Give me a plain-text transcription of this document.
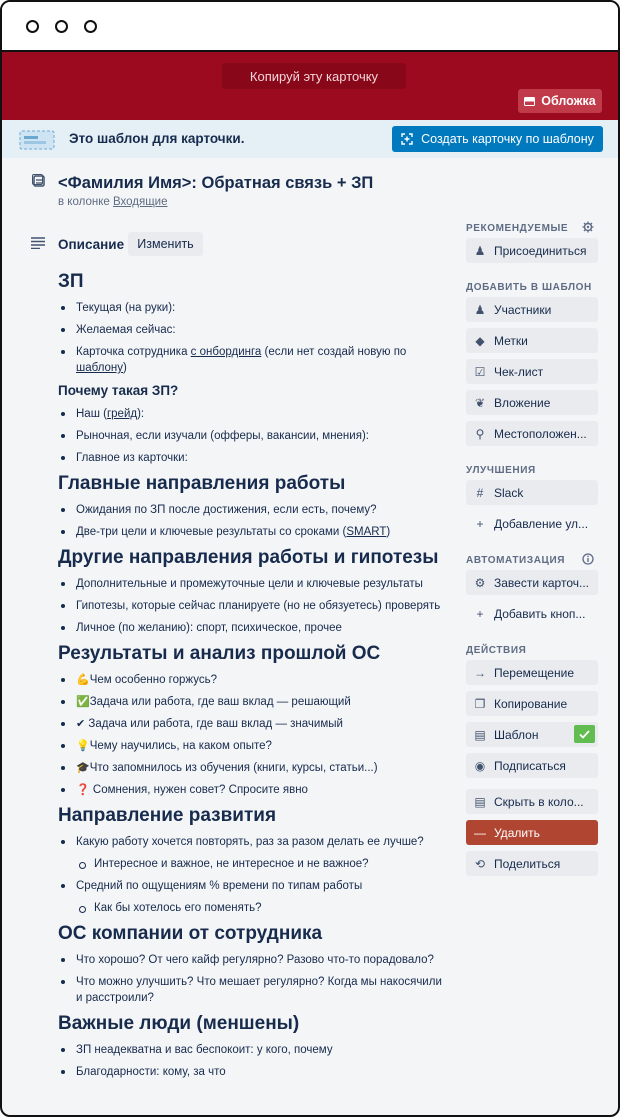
Копируй эту карточку
Обложка
Это шаблон для карточки.	Создать карточку по шаблону
<Фамилия Имя>: Обратная связь + ЗП
в колонке Входящие
Описание	Изменить
ЗП
Текущая (на руки):
Желаемая сейчас:
Карточка сотрудника с онбординга (если нет создай новую по шаблону)
Почему такая ЗП?
Наш (грейд):
Рыночная, если изучали (офферы, вакансии, мнения):
Главное из карточки:
Главные направления работы
Ожидания по ЗП после достижения, если есть, почему?
Две-три цели и ключевые результаты со сроками (SMART)
Другие направления работы и гипотезы
Дополнительные и промежуточные цели и ключевые результаты
Гипотезы, которые сейчас планируете (но не обязуетесь) проверять
Личное (по желанию): спорт, психическое, прочее
Результаты и анализ прошлой ОС
💪Чем особенно горжусь?
✅Задача или работа, где ваш вклад — решающий
✔ Задача или работа, где ваш вклад — значимый
💡Чему научились, на каком опыте?
🎓Что запомнилось из обучения (книги, курсы, статьи...)
❓ Сомнения, нужен совет? Спросите явно
Направление развития
Какую работу хочется повторять, раз за разом делать ее лучше?
Интересное и важное, не интересное и не важное?
Средний по ощущениям % времени по типам работы
Как бы хотелось его поменять?
ОС компании от сотрудника
Что хорошо? От чего кайф регулярно? Разово что-то порадовало?
Что можно улучшить? Что мешает регулярно? Когда мы накосячили и расстроили?
Важные люди (меншены)
ЗП неадекватна и вас беспокоит: у кого, почему
Благодарности: кому, за что
РЕКОМЕНДУЕМЫЕ
♟ Присоединиться
ДОБАВИТЬ В ШАБЛОН
♟ Участники
◆ Метки
☑ Чек-лист
❦ Вложение
⚲ Местоположен...
УЛУЧШЕНИЯ
# Slack
+ Добавление ул...
АВТОМАТИЗАЦИЯ
⚙ Завести карточ...
+ Добавить кноп...
ДЕЙСТВИЯ
→ Перемещение
❐ Копирование
▤ Шаблон
◉ Подписаться
▤ Скрыть в коло...
— Удалить
⟲ Поделиться
